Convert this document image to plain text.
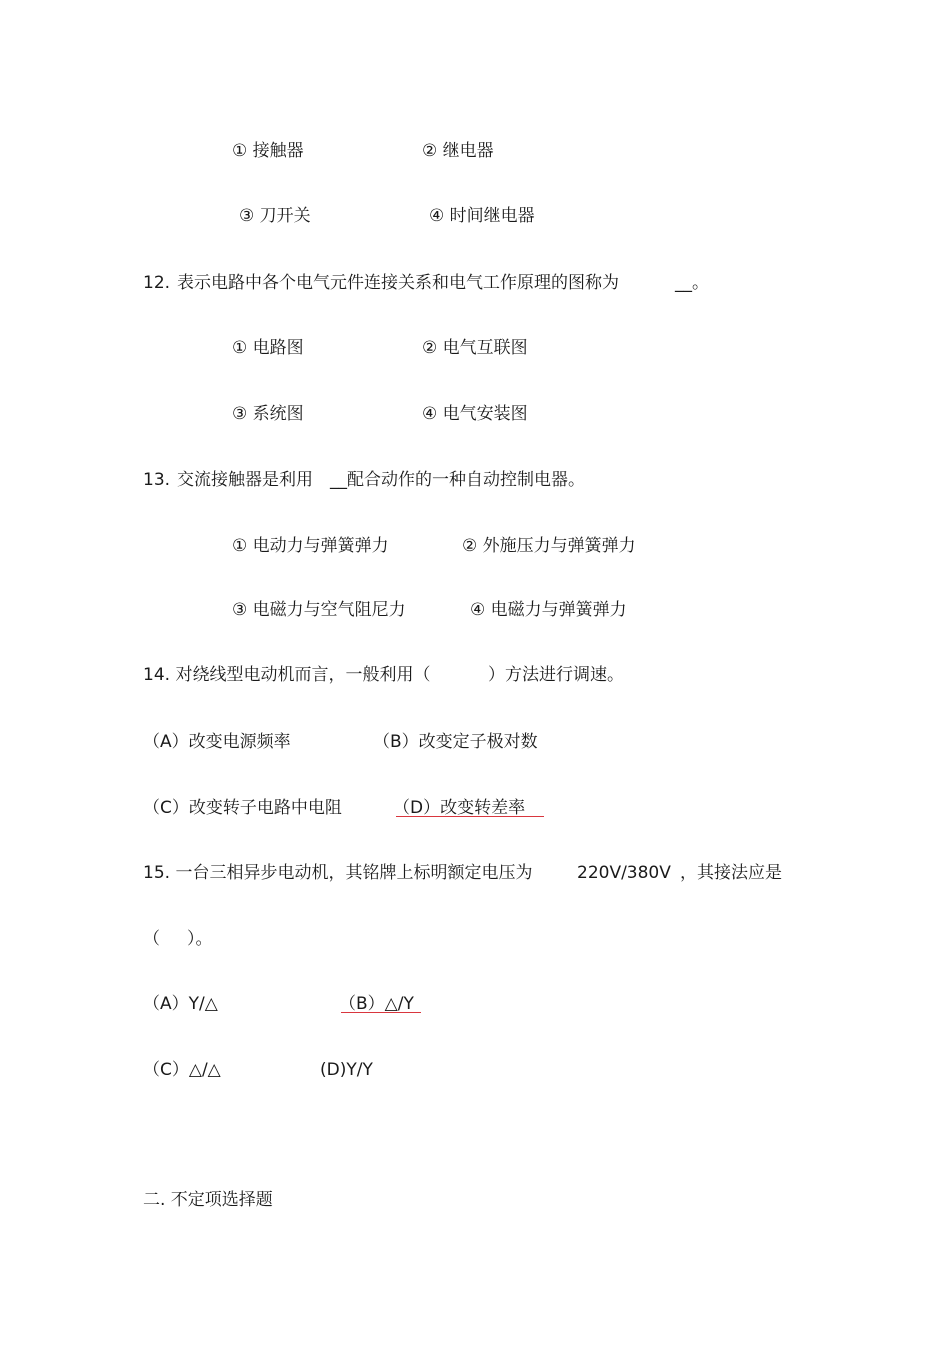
① 接触器	② 继电器
③ 刀开关	④ 时间继电器
12. 表示电路中各个电气元件连接关系和电气工作原理的图称为	__。
① 电路图	② 电气互联图
③ 系统图	④ 电气安装图
13. 交流接触器是利用 __配合动作的一种自动控制电器。
① 电动力与弹簧弹力	② 外施压力与弹簧弹力
③ 电磁力与空气阻尼力	④ 电磁力与弹簧弹力
14. 对绕线型电动机而言，一般利用（	）方法进行调速。
（A）改变电源频率	（B）改变定子极对数
（C）改变转子电路中电阻	（D）改变转差率
15. 一台三相异步电动机，其铭牌上标明额定电压为	220V/380V ，其接法应是
（ ）。
（A）Y/△	（B）△/Y
（C）△/△	(D)Y/Y
二. 不定项选择题
